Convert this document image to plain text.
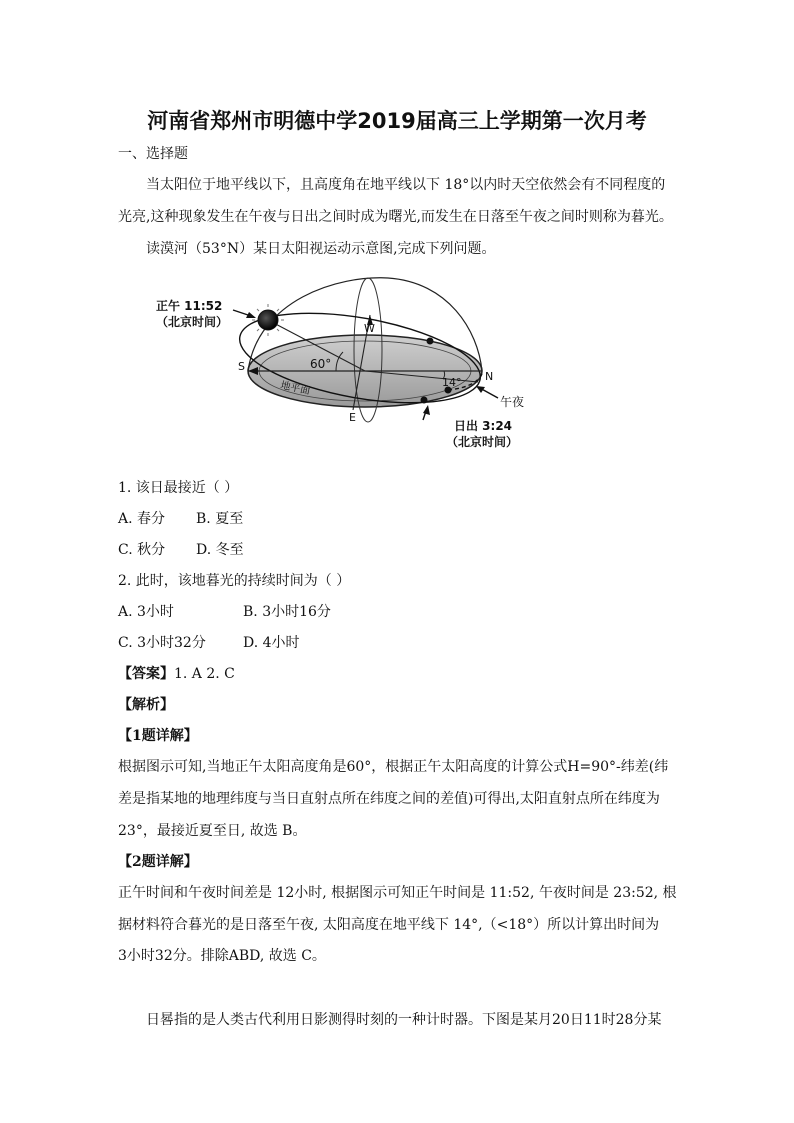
河南省郑州市明德中学2019届高三上学期第一次月考
一、选择题
当太阳位于地平线以下，且高度角在地平线以下 18°以内时天空依然会有不同程度的
光亮,这种现象发生在午夜与日出之间时成为曙光,而发生在日落至午夜之间时则称为暮光。
读漠河（53°N）某日太阳视运动示意图,完成下列问题。
正午 11:52
（北京时间）
60°
14°
S
N
E
W
地平面
午夜
日出 3:24
（北京时间）
1. 该日最接近（ ）
A. 春分 B. 夏至
C. 秋分 D. 冬至
2. 此时，该地暮光的持续时间为（ ）
A. 3小时	B. 3小时16分
C. 3小时32分	D. 4小时
【答案】1. A 2. C
【解析】
【1题详解】
根据图示可知,当地正午太阳高度角是60°，根据正午太阳高度的计算公式H=90°-纬差(纬
差是指某地的地理纬度与当日直射点所在纬度之间的差值)可得出,太阳直射点所在纬度为
23°，最接近夏至日, 故选 B。
【2题详解】
正午时间和午夜时间差是 12小时, 根据图示可知正午时间是 11:52, 午夜时间是 23:52, 根
据材料符合暮光的是日落至午夜, 太阳高度在地平线下 14°,（<18°）所以计算出时间为
3小时32分。排除ABD, 故选 C。
日晷指的是人类古代利用日影测得时刻的一种计时器。下图是某月20日11时28分某
